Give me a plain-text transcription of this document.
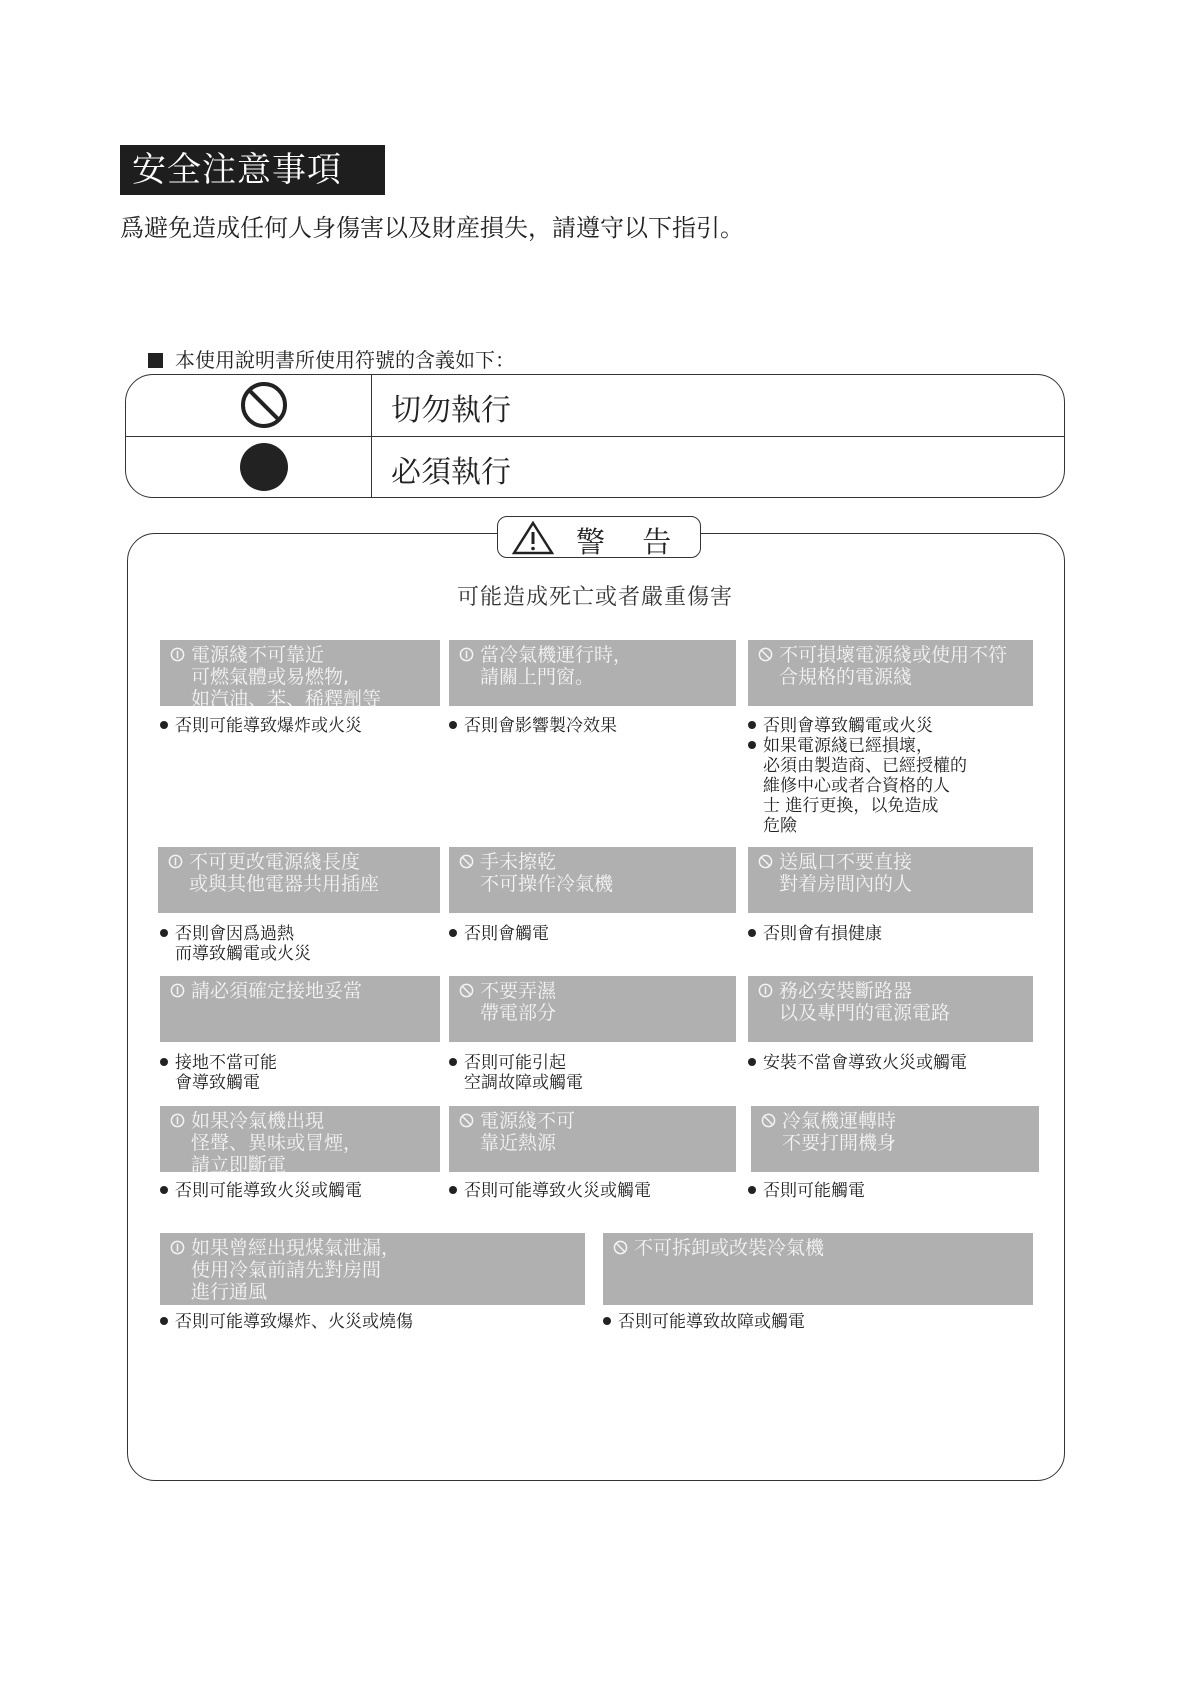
安全注意事項
爲避免造成任何人身傷害以及財産損失，請遵守以下指引。
本使用說明書所使用符號的含義如下：
切勿執行
必須執行
警 告
可能造成死亡或者嚴重傷害
電源綫不可靠近
可燃氣體或易燃物,
如汽油、苯、稀釋劑等

否則可能導致爆炸或火災

當冷氣機運行時，
請關上門窗。

否則會影響製冷效果

不可損壞電源綫或使用不符
合規格的電源綫

否則會導致觸電或火災

如果電源綫已經損壞，
必須由製造商、已經授權的
維修中心或者合資格的人
士 進行更換，以免造成
危險

不可更改電源綫長度
或與其他電器共用插座

否則會因爲過熱
而導致觸電或火災

手未擦乾
不可操作冷氣機

否則會觸電

送風口不要直接
對着房間內的人

否則會有損健康

請必須確定接地妥當

接地不當可能
會導致觸電

不要弄濕
帶電部分

否則可能引起
空調故障或觸電

務必安裝斷路器
以及專門的電源電路

安裝不當會導致火災或觸電

如果冷氣機出現
怪聲、異味或冒煙，
請立即斷電

否則可能導致火災或觸電

電源綫不可
靠近熱源

否則可能導致火災或觸電

冷氣機運轉時
不要打開機身

否則可能觸電

如果曾經出現煤氣泄漏，
使用冷氣前請先對房間
進行通風

否則可能導致爆炸、火災或燒傷

不可拆卸或改裝冷氣機

否則可能導致故障或觸電
